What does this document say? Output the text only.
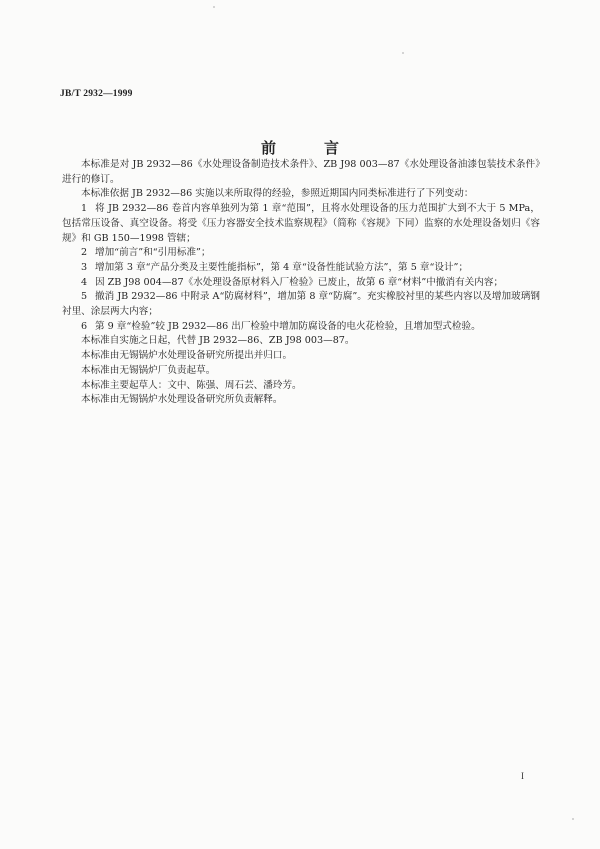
JB/T 2932—1999
前	言

本标准是对 JB 2932—86《水处理设备制造技术条件》、ZB J98 003—87《水处理设备油漆包装技术条件》进行的修订。

本标准依据 JB 2932—86 实施以来所取得的经验，参照近期国内同类标准进行了下列变动：

1 将 JB 2932—86 卷首内容单独列为第 1 章“范围”，且将水处理设备的压力范围扩大到不大于 5 MPa，包括常压设备、真空设备。将受《压力容器安全技术监察规程》（简称《容规》下同）监察的水处理设备划归《容规》和 GB 150—1998 管辖；

2 增加“前言”和“引用标准”；

3 增加第 3 章“产品分类及主要性能指标”，第 4 章“设备性能试验方法”，第 5 章“设计”；

4 因 ZB J98 004—87《水处理设备原材料入厂检验》已废止，故第 6 章“材料”中撤消有关内容；

5 撤消 JB 2932—86 中附录 A“防腐材料”，增加第 8 章“防腐”。充实橡胶衬里的某些内容以及增加玻璃钢衬里、涂层两大内容；

6 第 9 章“检验”较 JB 2932—86 出厂检验中增加防腐设备的电火花检验，且增加型式检验。

本标准自实施之日起，代替 JB 2932—86、ZB J98 003—87。

本标准由无锡锅炉水处理设备研究所提出并归口。

本标准由无锡锅炉厂负责起草。

本标准主要起草人：文中、陈强、周石芸、潘玲芳。

本标准由无锡锅炉水处理设备研究所负责解释。

I
